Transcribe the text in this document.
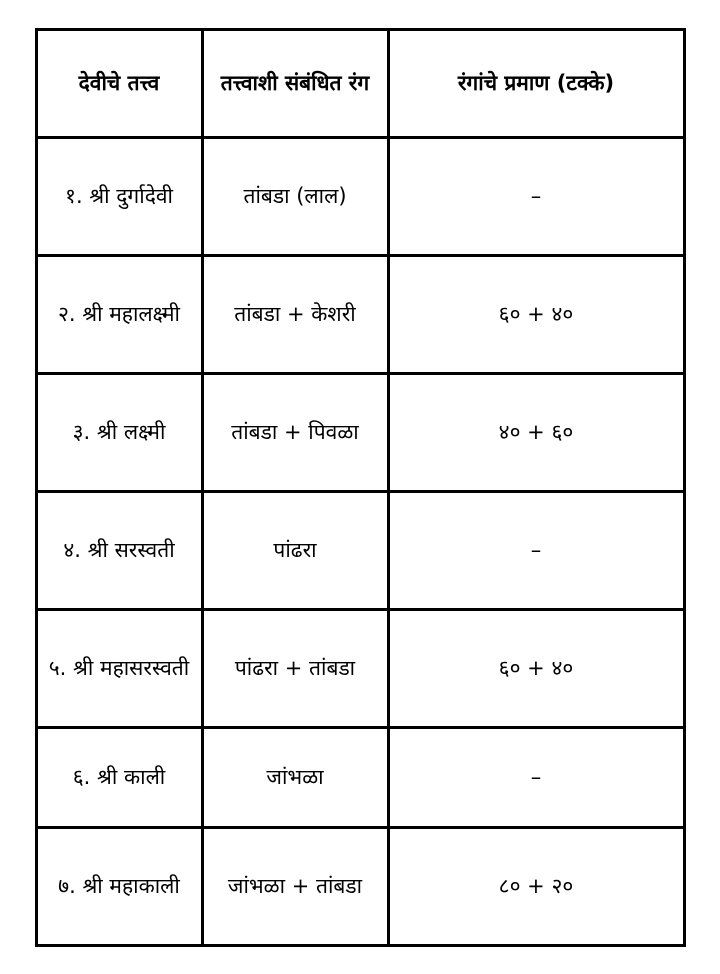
देवीचे तत्त्व	तत्त्वाशी संबंधित रंग	रंगांचे प्रमाण (टक्के)
१. श्री दुर्गादेवी	तांबडा (लाल)	–
२. श्री महालक्ष्मी	तांबडा + केशरी	६० + ४०
३. श्री लक्ष्मी	तांबडा + पिवळा	४० + ६०
४. श्री सरस्वती	पांढरा	–
५. श्री महासरस्वती	पांढरा + तांबडा	६० + ४०
६. श्री काली	जांभळा	–
७. श्री महाकाली	जांभळा + तांबडा	८० + २०
